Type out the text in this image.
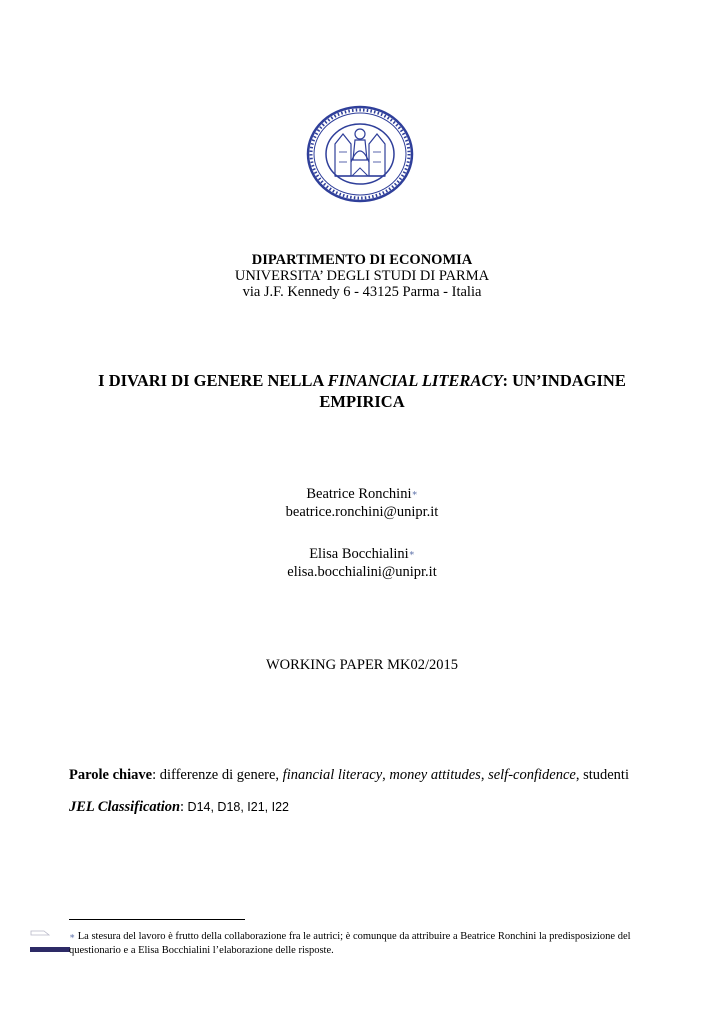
DIPARTIMENTO DI ECONOMIA
UNIVERSITA’ DEGLI STUDI DI PARMA
via J.F. Kennedy 6 - 43125 Parma - Italia
I DIVARI DI GENERE NELLA FINANCIAL LITERACY: UN’INDAGINE EMPIRICA
Beatrice Ronchini∗
beatrice.ronchini@unipr.it
Elisa Bocchialini∗
elisa.bocchialini@unipr.it
WORKING PAPER MK02/2015
Parole chiave: differenze di genere, financial literacy, money attitudes, self-confidence, studenti
JEL Classification: D14, D18, I21, I22
∗ La stesura del lavoro è frutto della collaborazione fra le autrici; è comunque da attribuire a Beatrice Ronchini la predisposizione del questionario e a Elisa Bocchialini l’elaborazione delle risposte.
